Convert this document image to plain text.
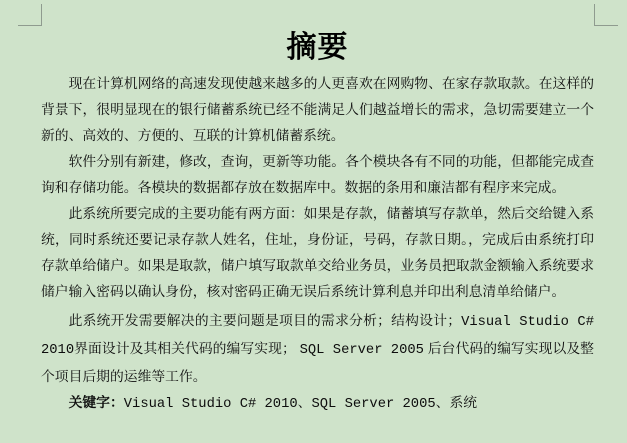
摘要

现在计算机网络的高速发现使越来越多的人更喜欢在网购物、在家存款取款。在这样的背景下，很明显现在的银行储蓄系统已经不能满足人们越益增长的需求，急切需要建立一个新的、高效的、方便的、互联的计算机储蓄系统。

软件分别有新建，修改，查询，更新等功能。各个模块各有不同的功能，但都能完成查询和存储功能。各模块的数据都存放在数据库中。数据的条用和廉洁都有程序来完成。

此系统所要完成的主要功能有两方面：如果是存款，储蓄填写存款单，然后交给键入系统，同时系统还要记录存款人姓名，住址，身份证，号码，存款日期。，完成后由系统打印存款单给储户。如果是取款，储户填写取款单交给业务员，业务员把取款金额输入系统要求储户输入密码以确认身份，核对密码正确无误后系统计算利息并印出利息清单给储户。

此系统开发需要解决的主要问题是项目的需求分析；结构设计；Visual Studio C# 2010界面设计及其相关代码的编写实现； SQL Server 2005 后台代码的编写实现以及整个项目后期的运维等工作。

关键字：Visual Studio C# 2010、SQL Server 2005、系统
